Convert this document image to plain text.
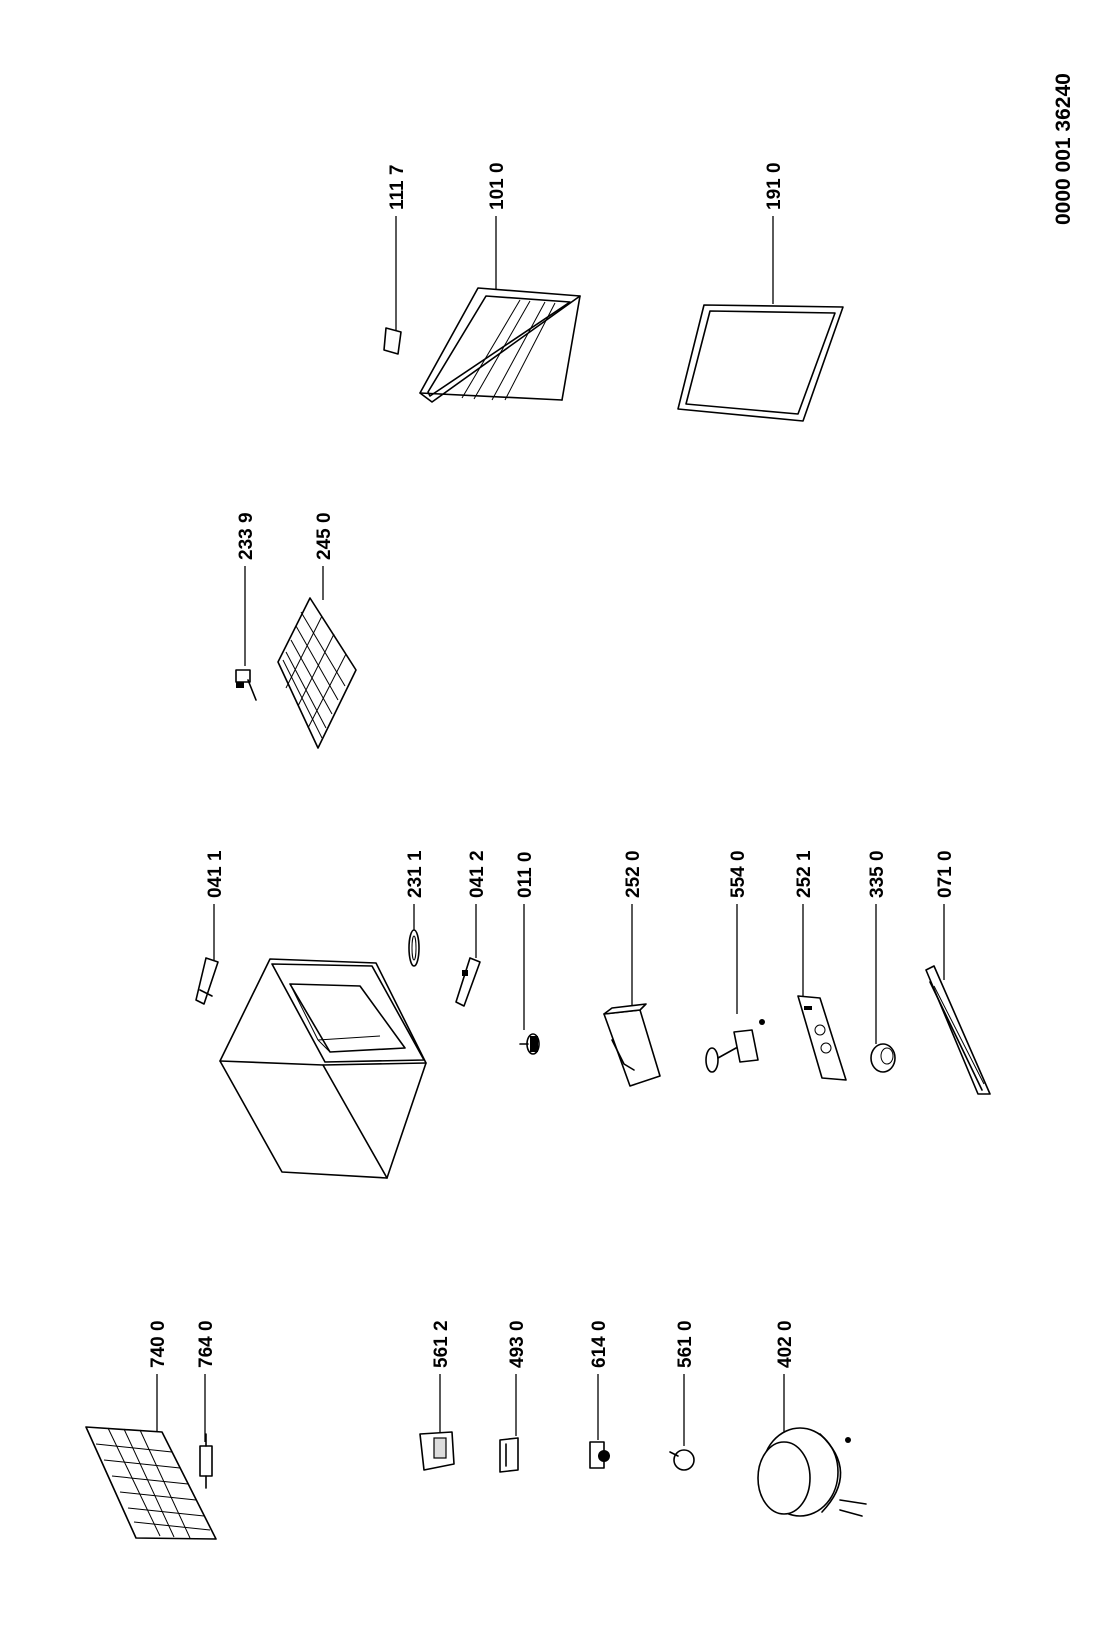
0000 001 36240
101 0
111 7	191 0
233 9	245 0
041 1	231 1 041 2 011 0	252 0	554 0 252 1	335 0 071 0
740 0 764 0	561 2	493 0	614 0	561 0	402 0
